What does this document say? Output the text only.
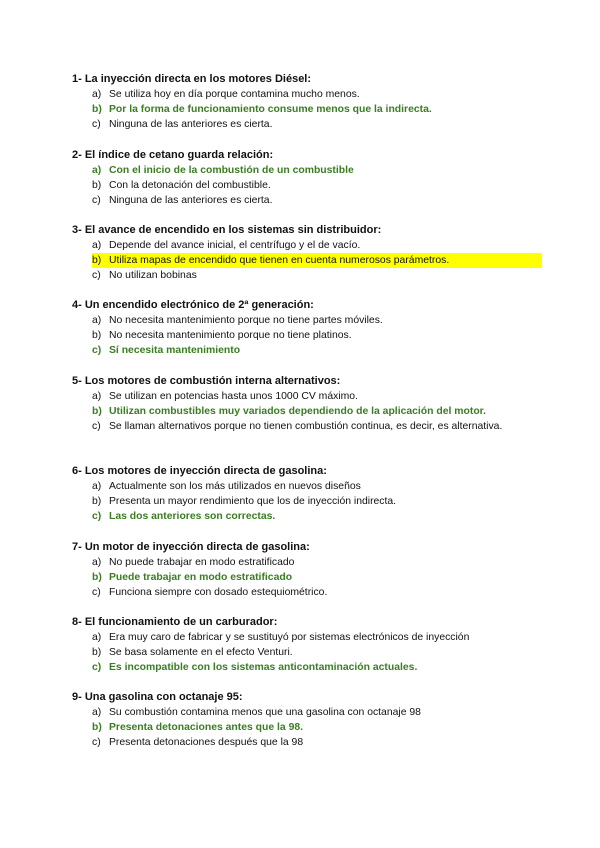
1- La inyección directa en los motores Diésel:
a) Se utiliza hoy en día porque contamina mucho menos.
b) Por la forma de funcionamiento consume menos que la indirecta.
c) Ninguna de las anteriores es cierta.
2- El índice de cetano guarda relación:
a) Con el inicio de la combustión de un combustible
b) Con la detonación del combustible.
c) Ninguna de las anteriores es cierta.
3- El avance de encendido en los sistemas sin distribuidor:
a) Depende del avance inicial, el centrífugo y el de vacío.
b) Utiliza mapas de encendido que tienen en cuenta numerosos parámetros.
c) No utilizan bobinas
4- Un encendido electrónico de 2ª generación:
a) No necesita mantenimiento porque no tiene partes móviles.
b) No necesita mantenimiento porque no tiene platinos.
c) Sí necesita mantenimiento
5- Los motores de combustión interna alternativos:
a) Se utilizan en potencias hasta unos 1000 CV máximo.
b) Utilizan combustibles muy variados dependiendo de la aplicación del motor.
c) Se llaman alternativos porque no tienen combustión continua, es decir, es alternativa.
6- Los motores de inyección directa de gasolina:
a) Actualmente son los más utilizados en nuevos diseños
b) Presenta un mayor rendimiento que los de inyección indirecta.
c) Las dos anteriores son correctas.
7- Un motor de inyección directa de gasolina:
a) No puede trabajar en modo estratificado
b) Puede trabajar en modo estratificado
c) Funciona siempre con dosado estequiométrico.
8- El funcionamiento de un carburador:
a) Era muy caro de fabricar y se sustituyó por sistemas electrónicos de inyección
b) Se basa solamente en el efecto Venturi.
c) Es incompatible con los sistemas anticontaminación actuales.
9- Una gasolina con octanaje 95:
a) Su combustión contamina menos que una gasolina con octanaje 98
b) Presenta detonaciones antes que la 98.
c) Presenta detonaciones después que la 98
